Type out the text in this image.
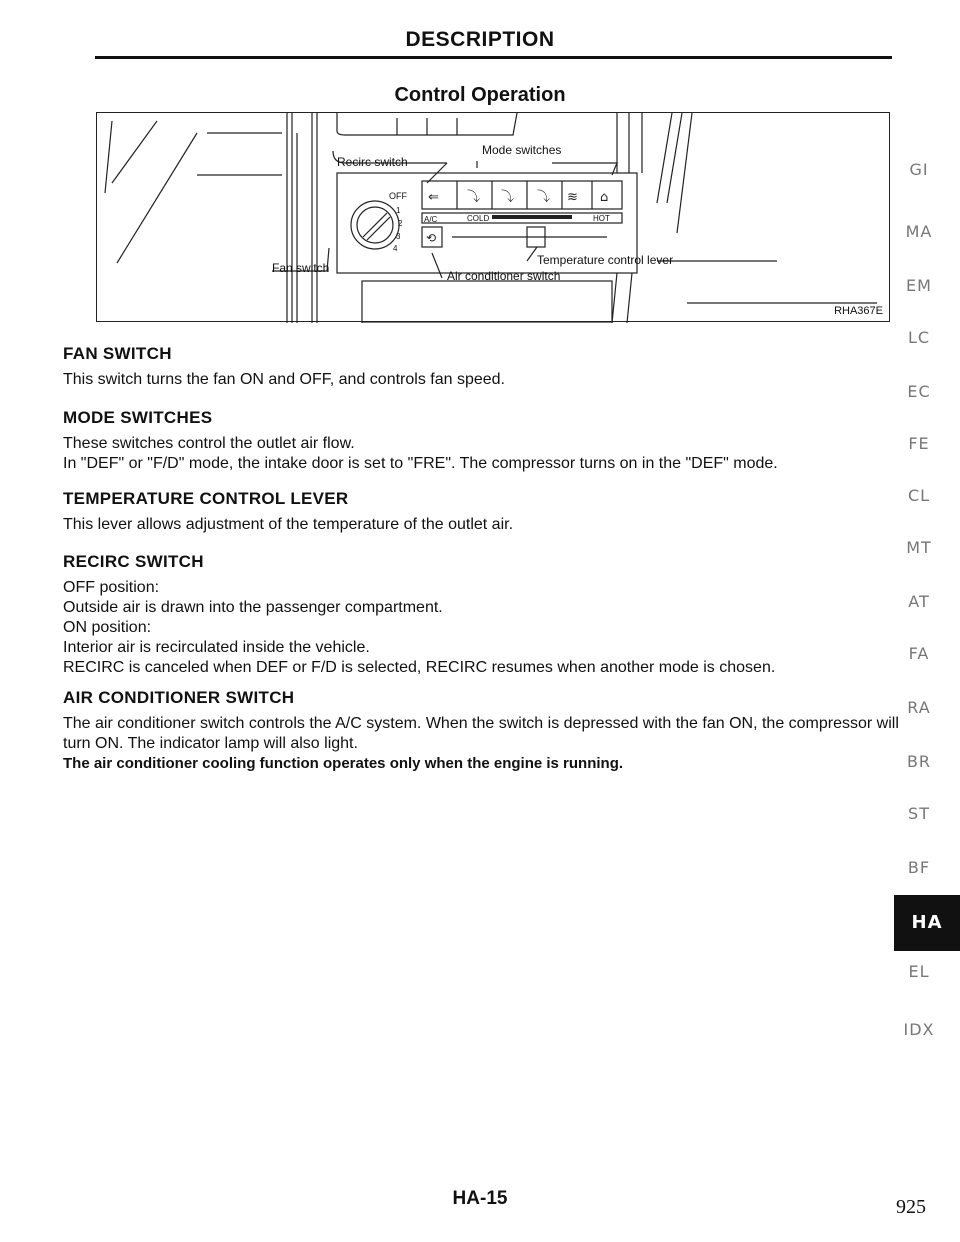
DESCRIPTION
Control Operation
⇐ ⤵ ⤵ ⤵ ≋ ⌂
⟲
Recirc switch
Mode switches
Fan switch
Air conditioner switch
Temperature control lever
OFF
A/C	COLD	HOT
1
2
3
4
RHA367E

FAN SWITCH

This switch turns the fan ON and OFF, and controls fan speed.

MODE SWITCHES

These switches control the outlet air flow.

In "DEF" or "F/D" mode, the intake door is set to "FRE". The compressor turns on in the "DEF" mode.

TEMPERATURE CONTROL LEVER

This lever allows adjustment of the temperature of the outlet air.

RECIRC SWITCH

OFF position:

Outside air is drawn into the passenger compartment.

ON position:

Interior air is recirculated inside the vehicle.

RECIRC is canceled when DEF or F/D is selected, RECIRC resumes when another mode is chosen.

AIR CONDITIONER SWITCH

The air conditioner switch controls the A/C system. When the switch is depressed with the fan ON, the compressor will turn ON. The indicator lamp will also light.

The air conditioner cooling function operates only when the engine is running.

GI
MA
EM
LC
EC
FE
CL
MT
AT
FA
RA
BR
ST
BF
HA
EL
IDX
HA-15	925
